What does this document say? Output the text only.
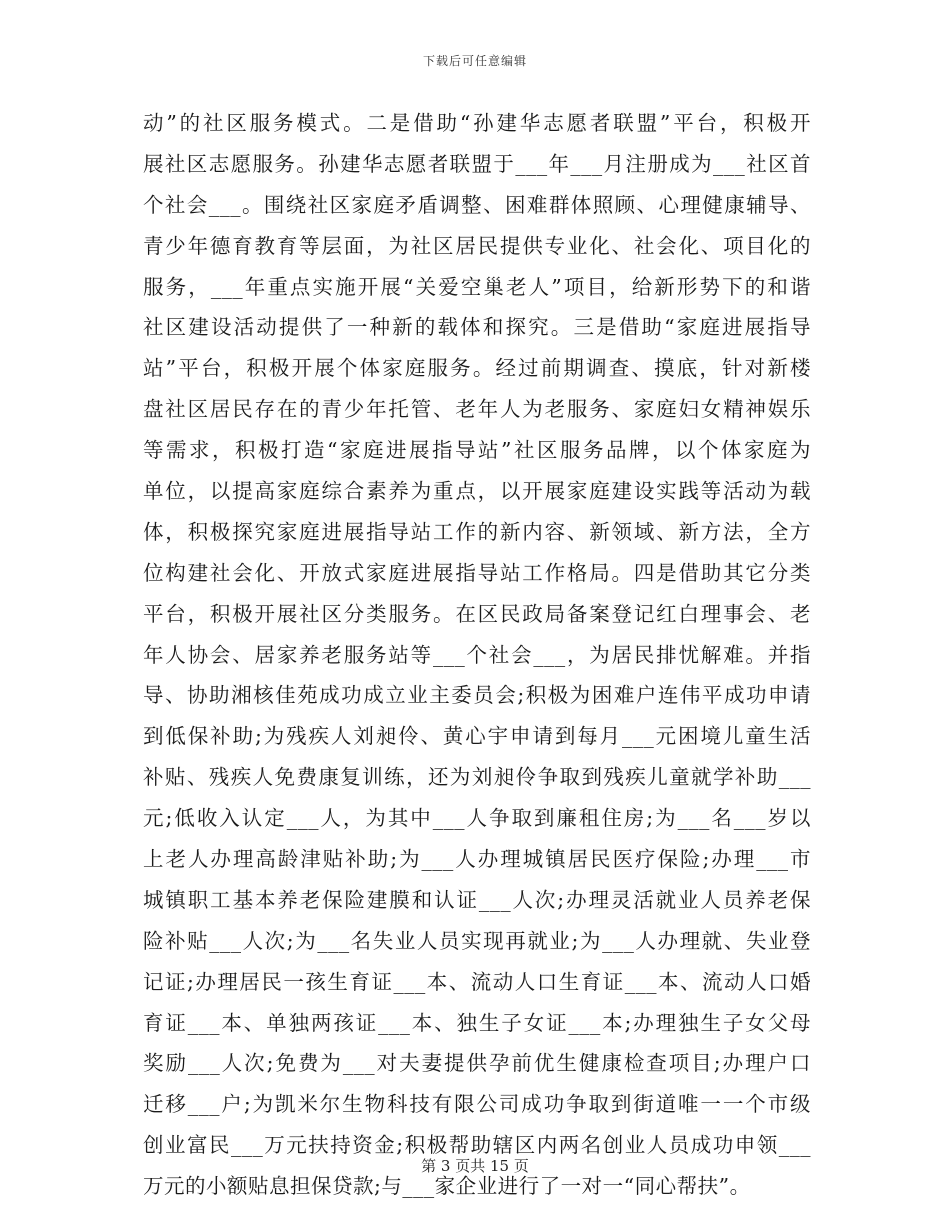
下载后可任意编辑
动”的社区服务模式。二是借助“孙建华志愿者联盟”平台，积极开
展社区志愿服务。孙建华志愿者联盟于___年___月注册成为___社区首
个社会___。围绕社区家庭矛盾调整、困难群体照顾、心理健康辅导、
青少年德育教育等层面，为社区居民提供专业化、社会化、项目化的
服务，___年重点实施开展“关爱空巢老人”项目，给新形势下的和谐
社区建设活动提供了一种新的载体和探究。三是借助“家庭进展指导
站”平台，积极开展个体家庭服务。经过前期调查、摸底，针对新楼
盘社区居民存在的青少年托管、老年人为老服务、家庭妇女精神娱乐
等需求，积极打造“家庭进展指导站”社区服务品牌，以个体家庭为
单位，以提高家庭综合素养为重点，以开展家庭建设实践等活动为载
体，积极探究家庭进展指导站工作的新内容、新领域、新方法，全方
位构建社会化、开放式家庭进展指导站工作格局。四是借助其它分类
平台，积极开展社区分类服务。在区民政局备案登记红白理事会、老
年人协会、居家养老服务站等___个社会___，为居民排忧解难。并指
导、协助湘核佳苑成功成立业主委员会;积极为困难户连伟平成功申请
到低保补助;为残疾人刘昶伶、黄心宇申请到每月___元困境儿童生活
补贴、残疾人免费康复训练，还为刘昶伶争取到残疾儿童就学补助___
元;低收入认定___人，为其中___人争取到廉租住房;为___名___岁以
上老人办理高龄津贴补助;为___人办理城镇居民医疗保险;办理___市
城镇职工基本养老保险建膜和认证___人次;办理灵活就业人员养老保
险补贴___人次;为___名失业人员实现再就业;为___人办理就、失业登
记证;办理居民一孩生育证___本、流动人口生育证___本、流动人口婚
育证___本、单独两孩证___本、独生子女证___本;办理独生子女父母
奖励___人次;免费为___对夫妻提供孕前优生健康检查项目;办理户口
迁移___户;为凯米尔生物科技有限公司成功争取到街道唯一一个市级
创业富民___万元扶持资金;积极帮助辖区内两名创业人员成功申领___
万元的小额贴息担保贷款;与___家企业进行了一对一“同心帮扶”。
第 3 页共 15 页
